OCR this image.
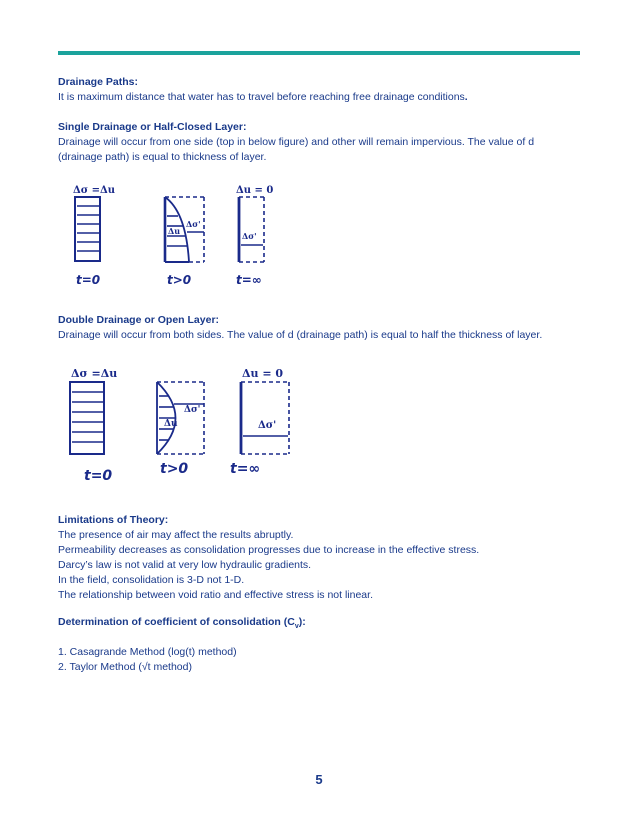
Drainage Paths:
It is maximum distance that water has to travel before reaching free drainage conditions.
Single Drainage or Half-Closed Layer:
Drainage will occur from one side (top in below figure) and other will remain impervious. The value of d
(drainage path) is equal to thickness of layer.
Δσ =Δu
Δu
Δσ'
Δu = 0
Δσ'
t=0	t>0	t=∞
Double Drainage or Open Layer:
Drainage will occur from both sides. The value of d (drainage path) is equal to half the thickness of layer.
Δσ =Δu
Δu
Δσ'
Δu = 0
Δσ'
t=0	t>0	t=∞
Limitations of Theory:
The presence of air may affect the results abruptly.
Permeability decreases as consolidation progresses due to increase in the effective stress.
Darcy’s law is not valid at very low hydraulic gradients.
In the field, consolidation is 3-D not 1-D.
The relationship between void ratio and effective stress is not linear.
Determination of coefficient of consolidation $(C_v)$:
1. Casagrande Method (log(t) method)
2. Taylor Method (√t method)
5
